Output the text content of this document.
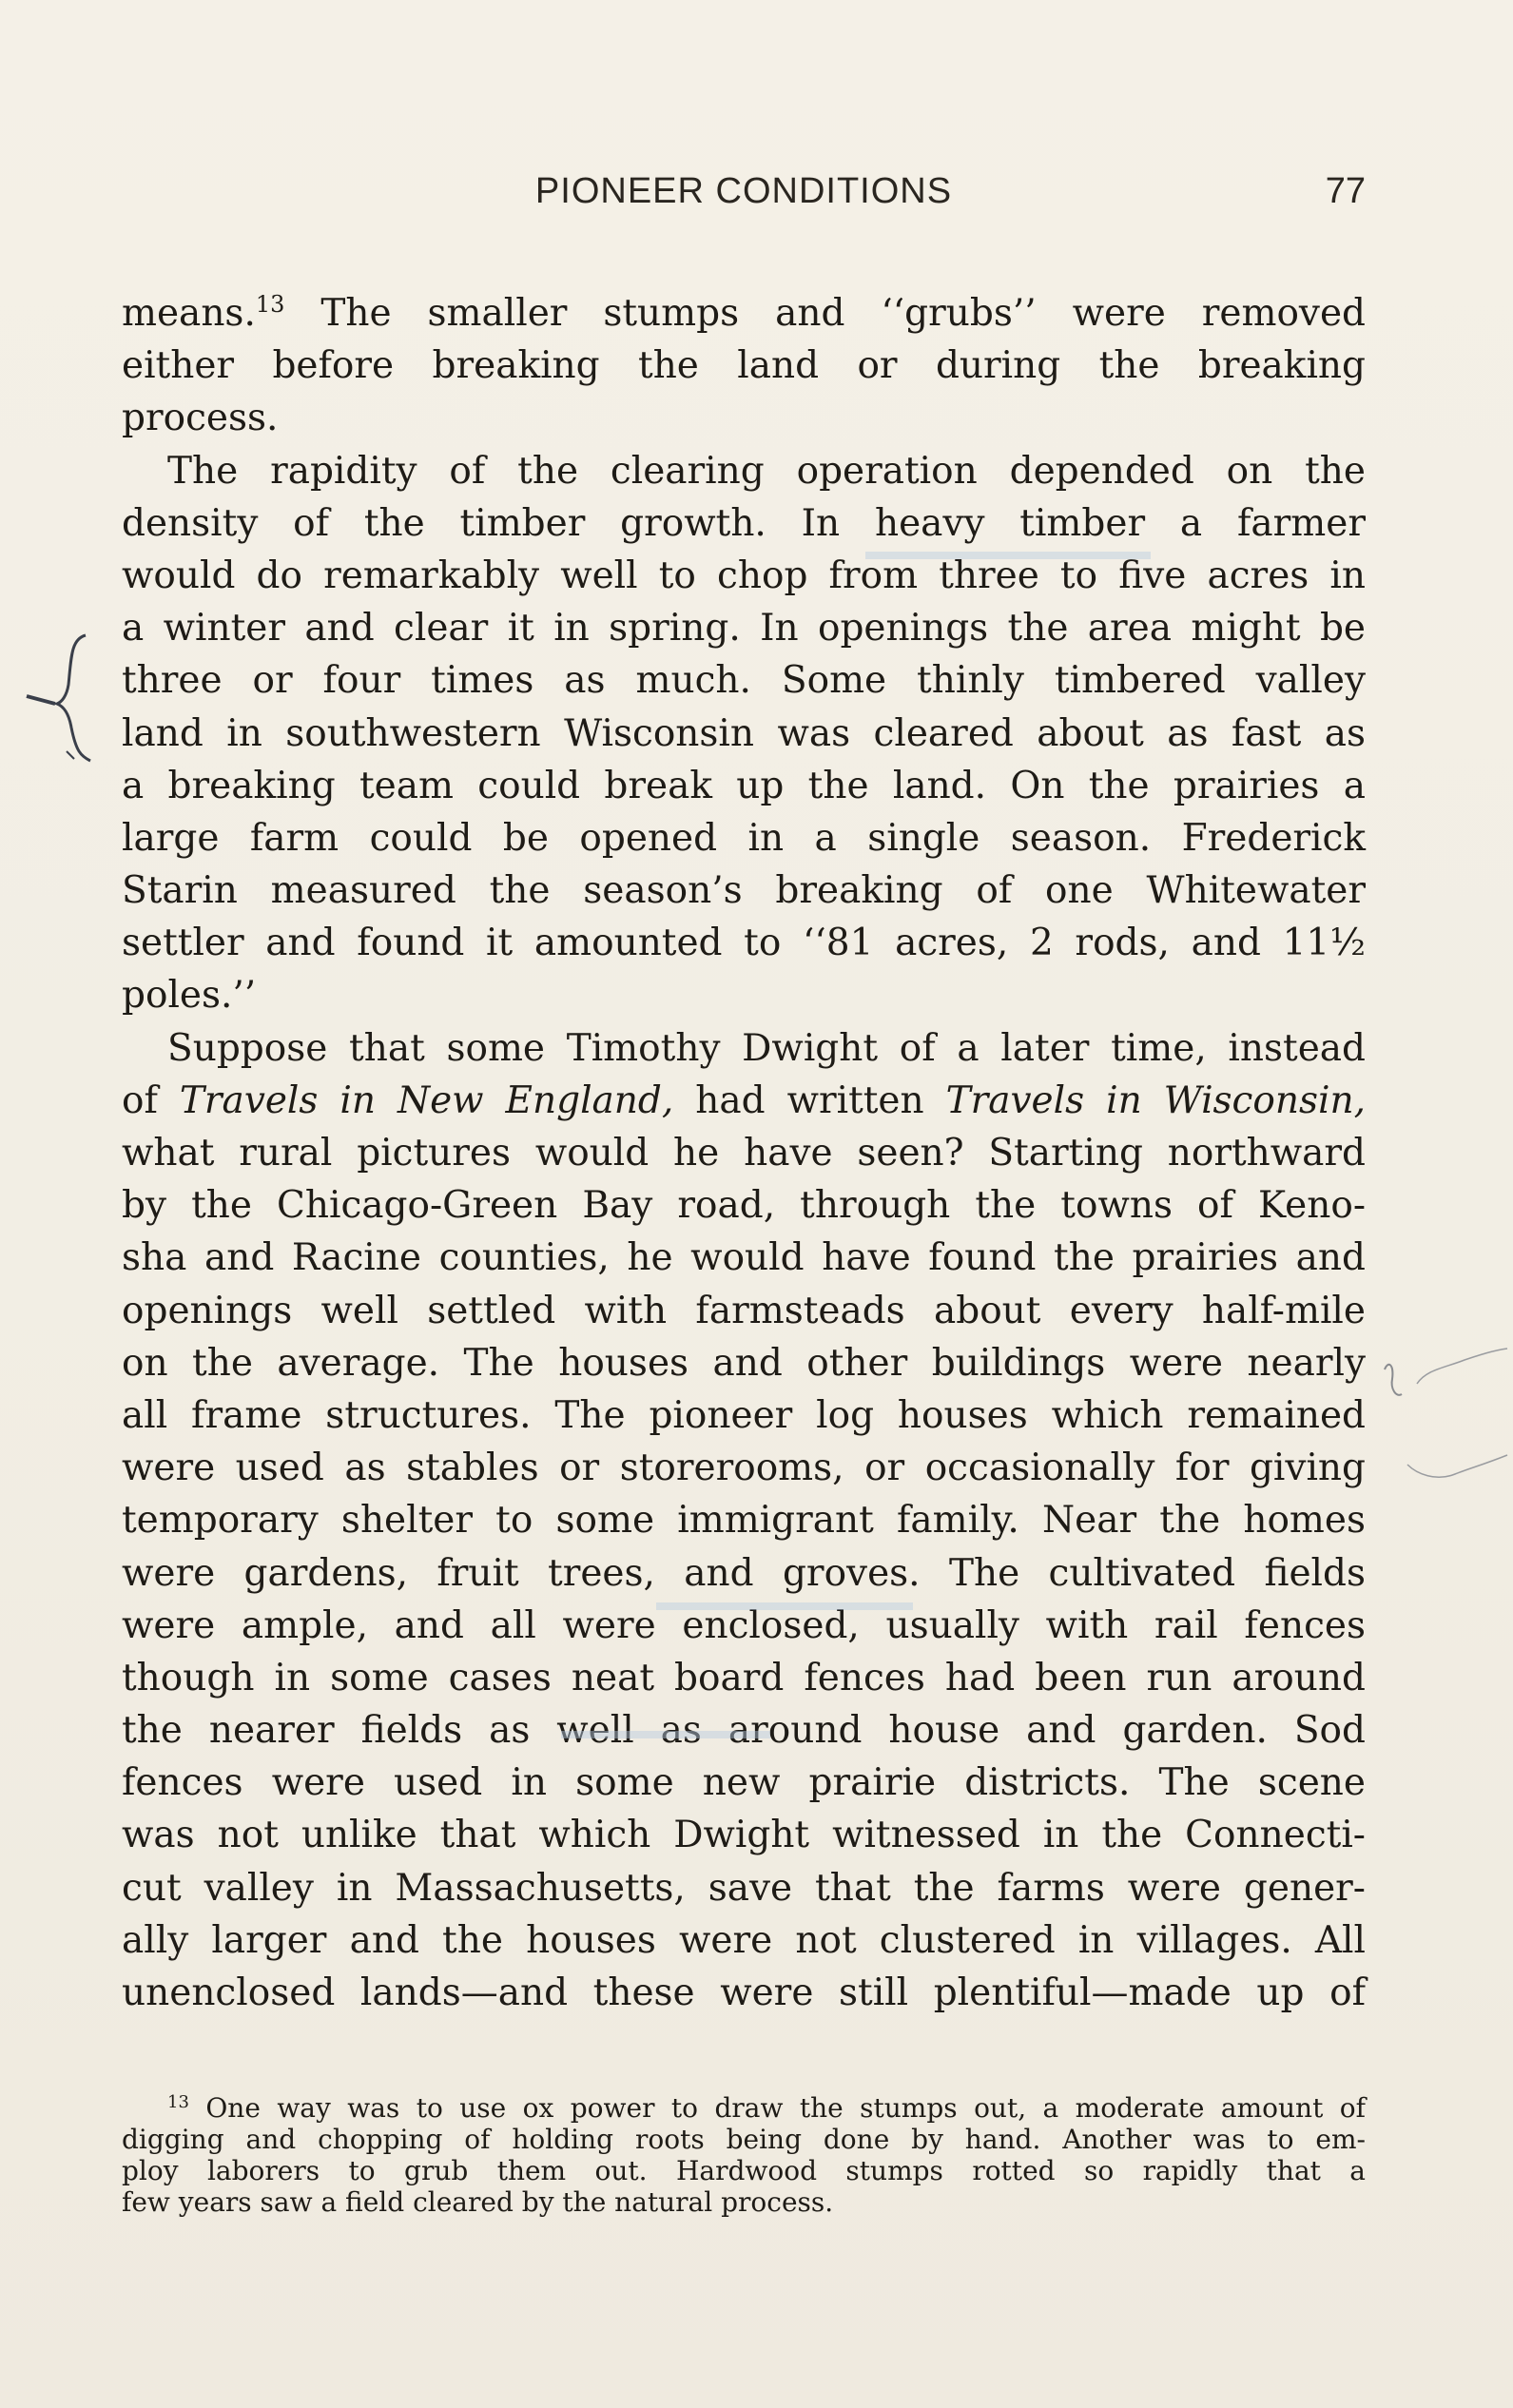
PIONEER CONDITIONS	77
means.$^{13}$ The smaller stumps and ‘‘grubs’’ were removed
either before breaking the land or during the breaking
process.
The rapidity of the clearing operation depended on the
density of the timber growth. In heavy timber a farmer
would do remarkably well to chop from three to five acres in
a winter and clear it in spring. In openings the area might be
three or four times as much. Some thinly timbered valley
land in southwestern Wisconsin was cleared about as fast as
a breaking team could break up the land. On the prairies a
large farm could be opened in a single season. Frederick
Starin measured the season’s breaking of one Whitewater
settler and found it amounted to ‘‘81 acres, 2 rods, and 11½
poles.’’
Suppose that some Timothy Dwight of a later time, instead
of Travels in New England, had written Travels in Wisconsin,
what rural pictures would he have seen? Starting northward
by the Chicago-Green Bay road, through the towns of Keno-
sha and Racine counties, he would have found the prairies and
openings well settled with farmsteads about every half-mile
on the average. The houses and other buildings were nearly
all frame structures. The pioneer log houses which remained
were used as stables or storerooms, or occasionally for giving
temporary shelter to some immigrant family. Near the homes
were gardens, fruit trees, and groves. The cultivated fields
were ample, and all were enclosed, usually with rail fences
though in some cases neat board fences had been run around
the nearer fields as well as around house and garden. Sod
fences were used in some new prairie districts. The scene
was not unlike that which Dwight witnessed in the Connecti-
cut valley in Massachusetts, save that the farms were gener-
ally larger and the houses were not clustered in villages. All
unenclosed lands—and these were still plentiful—made up of
$^{13}$ One way was to use ox power to draw the stumps out, a moderate amount of
digging and chopping of holding roots being done by hand. Another was to em-
ploy laborers to grub them out. Hardwood stumps rotted so rapidly that a
few years saw a field cleared by the natural process.
